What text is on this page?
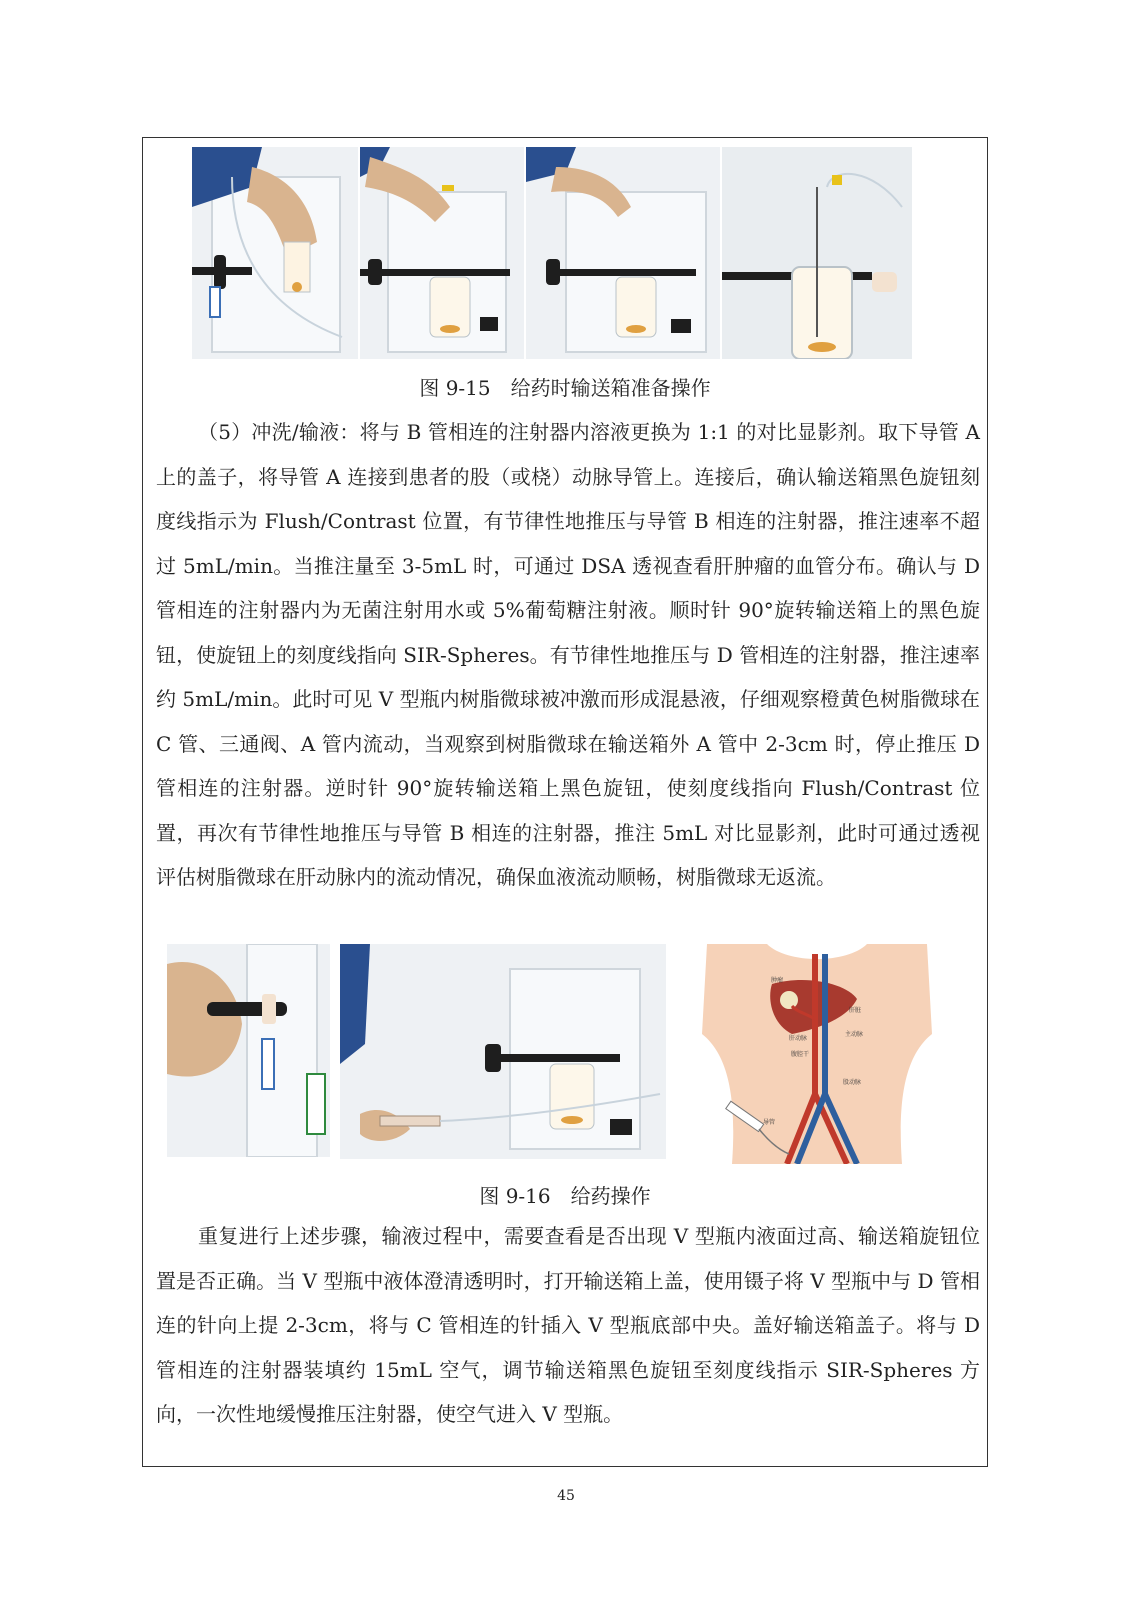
图 9-15　给药时输送箱准备操作

（5）冲洗/输液：将与 B 管相连的注射器内溶液更换为 1:1 的对比显影剂。取下导管 A 上的盖子，将导管 A 连接到患者的股（或桡）动脉导管上。连接后，确认输送箱黑色旋钮刻度线指示为 Flush/Contrast 位置，有节律性地推压与导管 B 相连的注射器，推注速率不超过 5mL/min。当推注量至 3-5mL 时，可通过 DSA 透视查看肝肿瘤的血管分布。确认与 D 管相连的注射器内为无菌注射用水或 5%葡萄糖注射液。顺时针 90°旋转输送箱上的黑色旋钮，使旋钮上的刻度线指向 SIR-Spheres。有节律性地推压与 D 管相连的注射器，推注速率约 5mL/min。此时可见 V 型瓶内树脂微球被冲激而形成混悬液，仔细观察橙黄色树脂微球在 C 管、三通阀、A 管内流动，当观察到树脂微球在输送箱外 A 管中 2-3cm 时，停止推压 D 管相连的注射器。逆时针 90°旋转输送箱上黑色旋钮，使刻度线指向 Flush/Contrast 位置，再次有节律性地推压与导管 B 相连的注射器，推注 5mL 对比显影剂，此时可通过透视评估树脂微球在肝动脉内的流动情况，确保血液流动顺畅，树脂微球无返流。

肿瘤
肝脏
肝动脉
主动脉
腹腔干
股动脉
导管
图 9-16　给药操作

重复进行上述步骤，输液过程中，需要查看是否出现 V 型瓶内液面过高、输送箱旋钮位置是否正确。当 V 型瓶中液体澄清透明时，打开输送箱上盖，使用镊子将 V 型瓶中与 D 管相连的针向上提 2-3cm，将与 C 管相连的针插入 V 型瓶底部中央。盖好输送箱盖子。将与 D 管相连的注射器装填约 15mL 空气，调节输送箱黑色旋钮至刻度线指示 SIR-Spheres 方向，一次性地缓慢推压注射器，使空气进入 V 型瓶。

45
